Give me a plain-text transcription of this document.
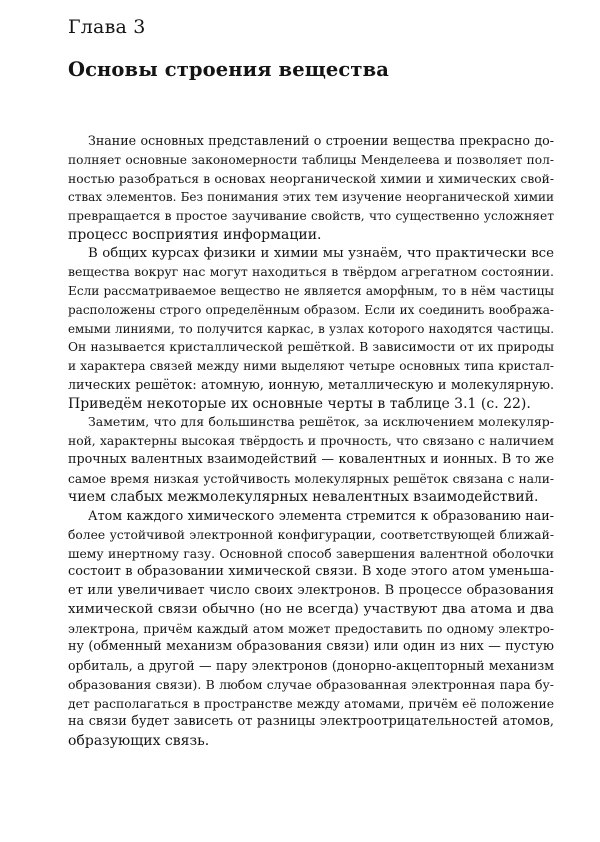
Глава 3
Основы строения вещества

Знание основных представлений о строении вещества прекрасно до-
полняет основные закономерности таблицы Менделеева и позволяет пол-
ностью разобраться в основах неорганической химии и химических свой-
ствах элементов. Без понимания этих тем изучение неорганической химии
превращается в простое заучивание свойств, что существенно усложняет
процесс восприятия информации.

В общих курсах физики и химии мы узнаём, что практически все
вещества вокруг нас могут находиться в твёрдом агрегатном состоянии.
Если рассматриваемое вещество не является аморфным, то в нём частицы
расположены строго определённым образом. Если их соединить вообража-
емыми линиями, то получится каркас, в узлах которого находятся частицы.
Он называется кристаллической решёткой. В зависимости от их природы
и характера связей между ними выделяют четыре основных типа кристал-
лических решёток: атомную, ионную, металлическую и молекулярную.
Приведём некоторые их основные черты в таблице 3.1 (с. 22).

Заметим, что для большинства решёток, за исключением молекуляр-
ной, характерны высокая твёрдость и прочность, что связано с наличием
прочных валентных взаимодействий — ковалентных и ионных. В то же
самое время низкая устойчивость молекулярных решёток связана с нали-
чием слабых межмолекулярных невалентных взаимодействий.

Атом каждого химического элемента стремится к образованию наи-
более устойчивой электронной конфигурации, соответствующей ближай-
шему инертному газу. Основной способ завершения валентной оболочки
состоит в образовании химической связи. В ходе этого атом уменьша-
ет или увеличивает число своих электронов. В процессе образования
химической связи обычно (но не всегда) участвуют два атома и два
электрона, причём каждый атом может предоставить по одному электро-
ну (обменный механизм образования связи) или один из них — пустую
орбиталь, а другой — пару электронов (донорно-акцепторный механизм
образования связи). В любом случае образованная электронная пара бу-
дет располагаться в пространстве между атомами, причём её положение
на связи будет зависеть от разницы электроотрицательностей атомов,
образующих связь.
